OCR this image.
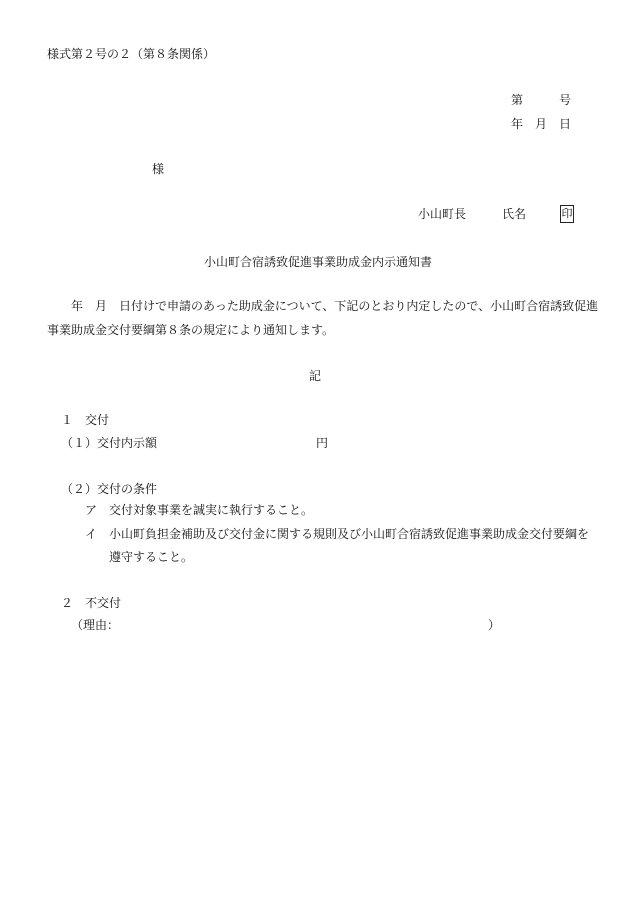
様式第２号の２（第８条関係）
第	号
年 月 日
様
小山町長	氏名	印
小山町合宿誘致促進事業助成金内示通知書
年　月　日付けで申請のあった助成金について、下記のとおり内定したので、小山町合宿誘致促進
事業助成金交付要綱第８条の規定により通知します。
記
１　交付
（１）交付内示額	円
（２）交付の条件
ア　交付対象事業を誠実に執行すること。
イ　小山町負担金補助及び交付金に関する規則及び小山町合宿誘致促進事業助成金交付要綱を
遵守すること。
２　不交付
（理由：	）
